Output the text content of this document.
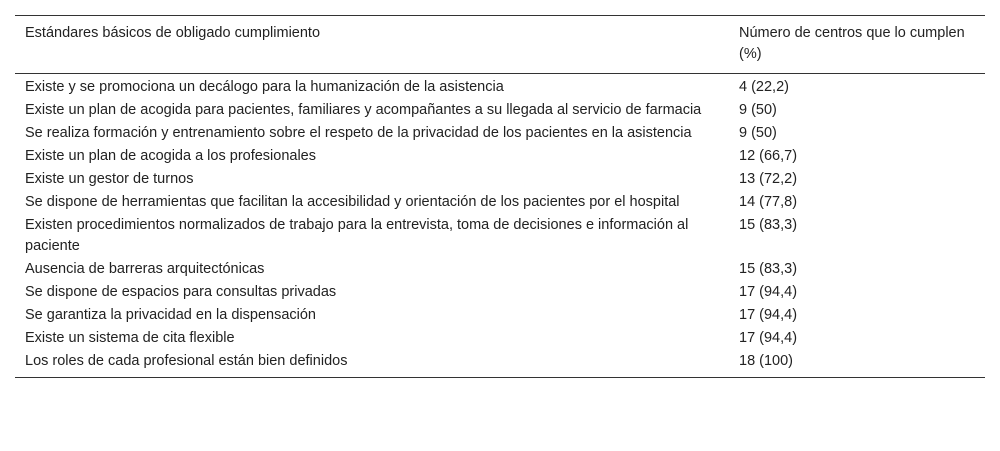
Estándares básicos de obligado cumplimiento	Número de centros que lo cumplen (%)
Existe y se promociona un decálogo para la humanización de la asistencia	4 (22,2)
Existe un plan de acogida para pacientes, familiares y acompañantes a su llegada al servicio de farmacia	9 (50)
Se realiza formación y entrenamiento sobre el respeto de la privacidad de los pacientes en la asistencia	9 (50)
Existe un plan de acogida a los profesionales	12 (66,7)
Existe un gestor de turnos	13 (72,2)
Se dispone de herramientas que facilitan la accesibilidad y orientación de los pacientes por el hospital	14 (77,8)
Existen procedimientos normalizados de trabajo para la entrevista, toma de decisiones e información al paciente	15 (83,3)
Ausencia de barreras arquitectónicas	15 (83,3)
Se dispone de espacios para consultas privadas	17 (94,4)
Se garantiza la privacidad en la dispensación	17 (94,4)
Existe un sistema de cita flexible	17 (94,4)
Los roles de cada profesional están bien definidos	18 (100)
